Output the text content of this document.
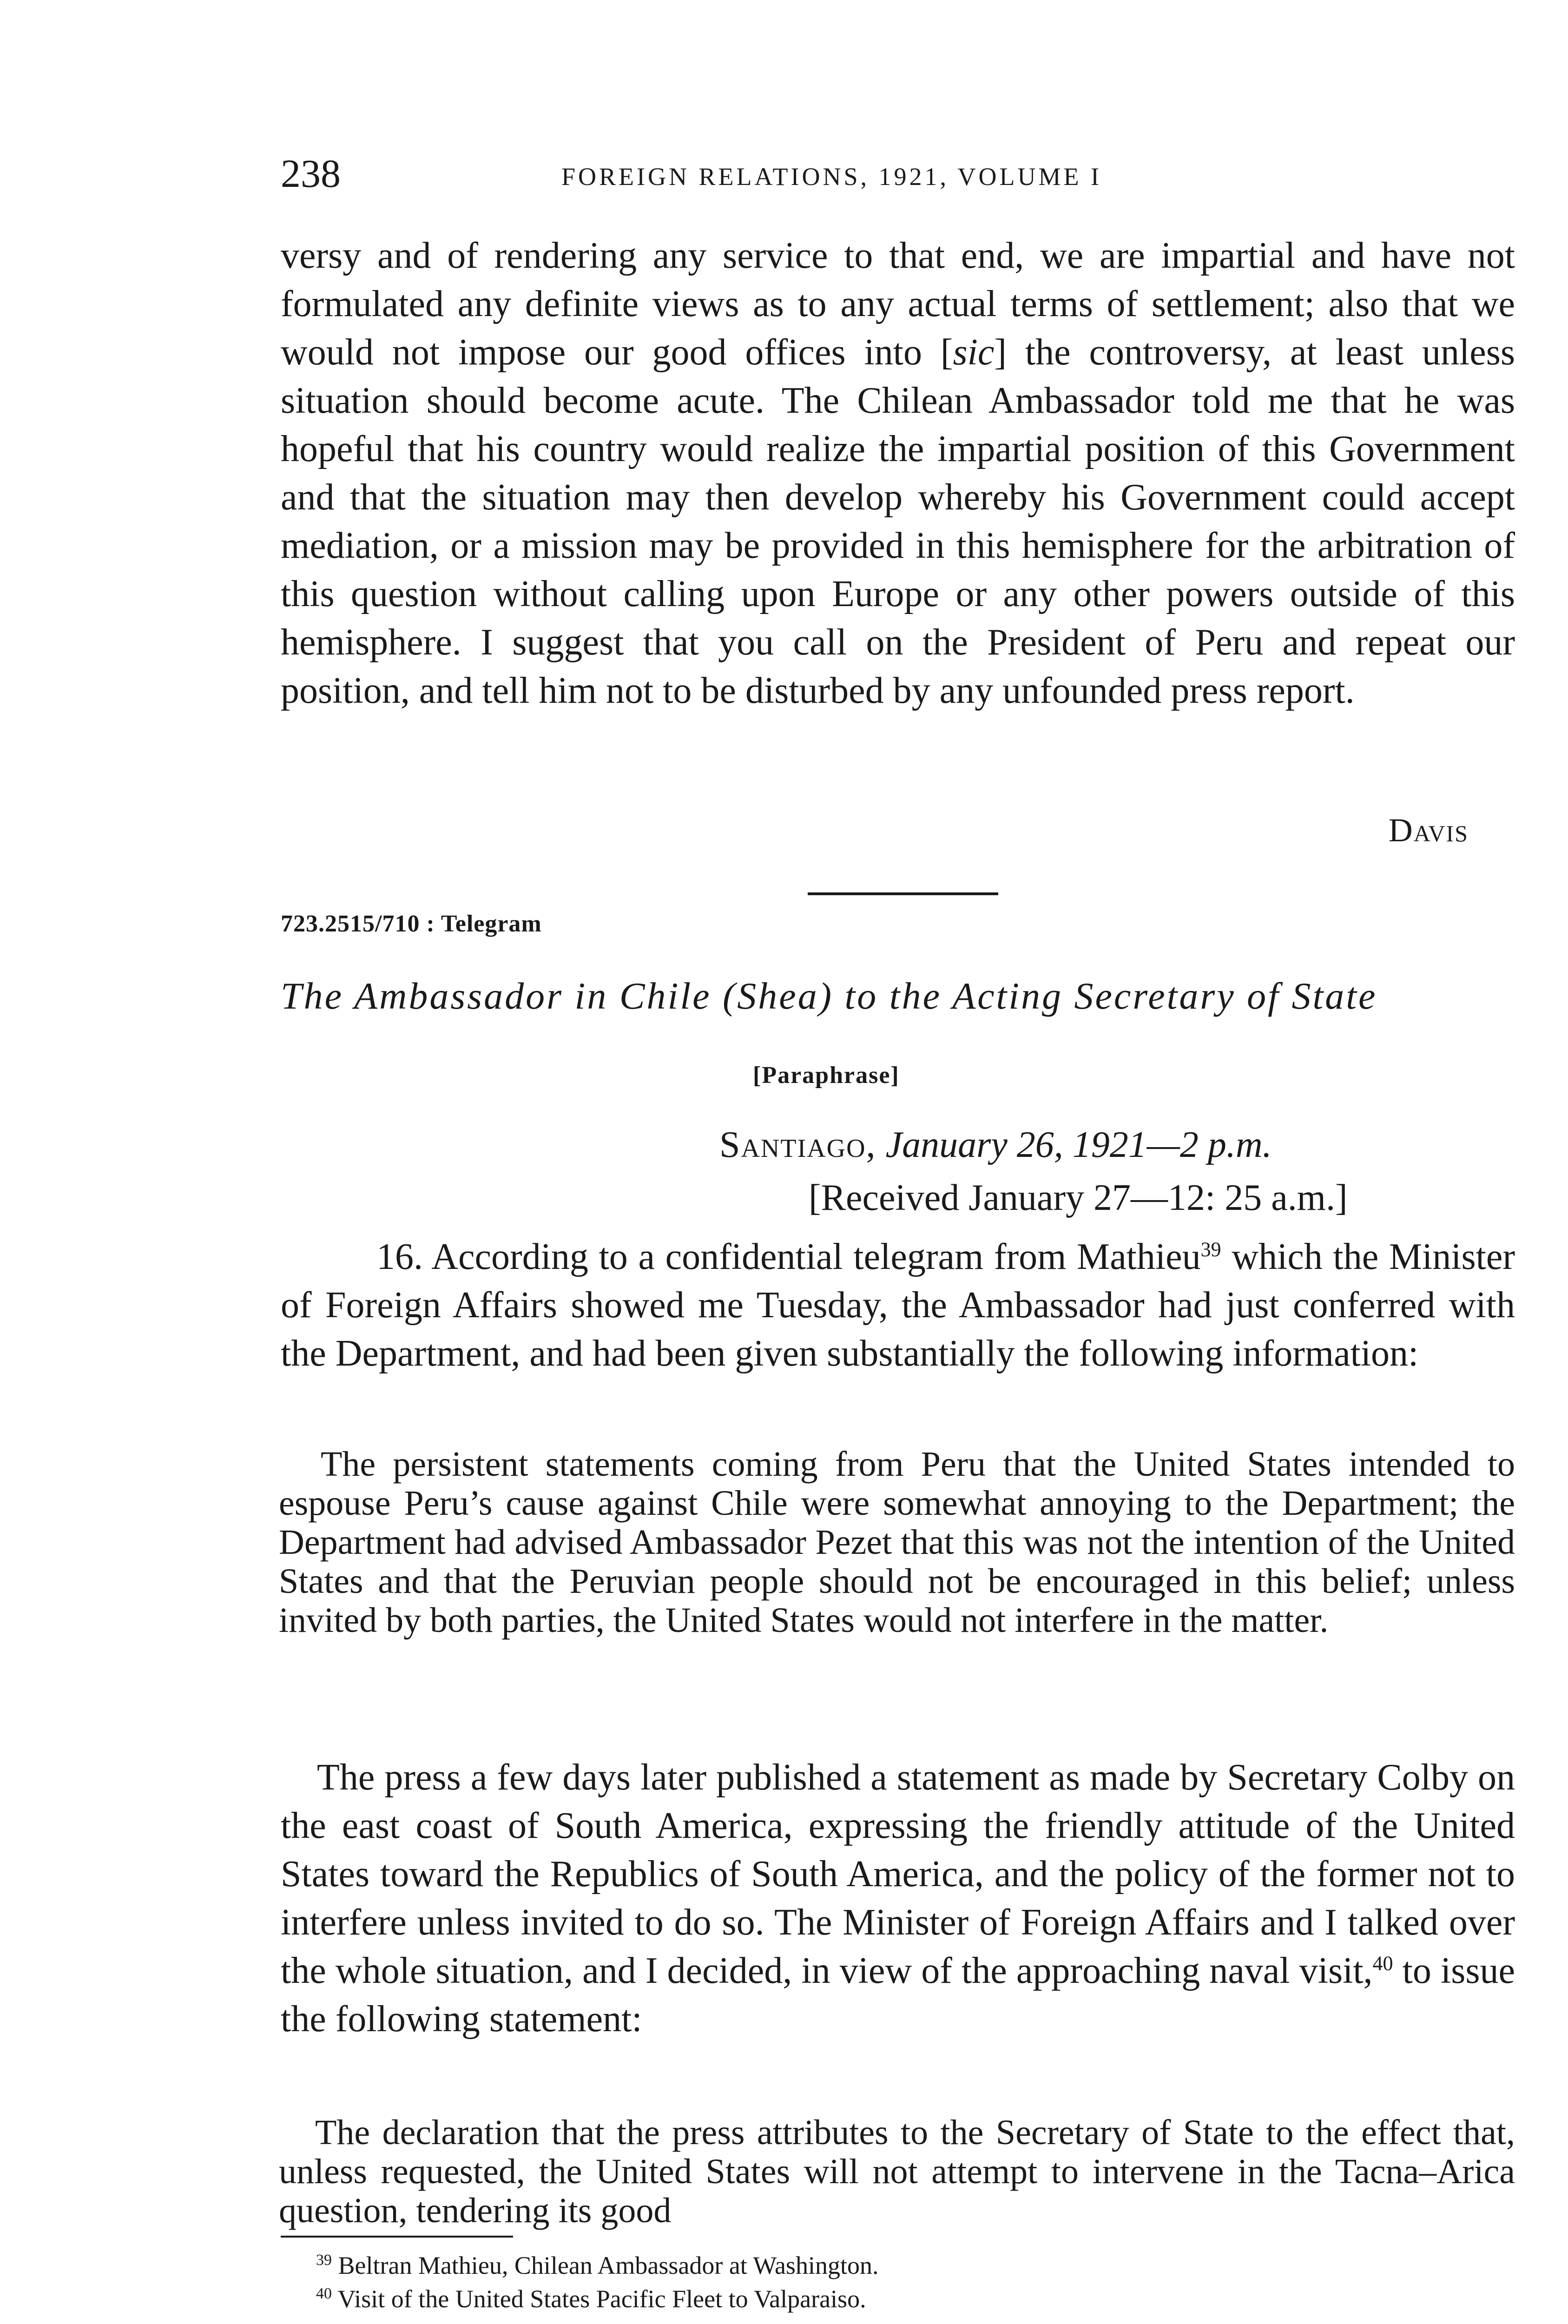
238	FOREIGN RELATIONS, 1921, VOLUME I
versy and of rendering any service to that end, we are impartial and have not formulated any definite views as to any actual terms of settlement; also that we would not impose our good offices into [sic] the controversy, at least unless situation should become acute. The Chilean Ambassador told me that he was hopeful that his country would realize the impartial position of this Government and that the situation may then develop whereby his Government could accept mediation, or a mission may be provided in this hemisphere for the arbitration of this question without calling upon Europe or any other powers outside of this hemisphere. I suggest that you call on the President of Peru and repeat our position, and tell him not to be disturbed by any unfounded press report.
Davis
723.2515/710 : Telegram
The Ambassador in Chile (Shea) to the Acting Secretary of State
[Paraphrase]
Santiago, January 26, 1921—2 p.m.
[Received January 27—12: 25 a.m.]
16. According to a confidential telegram from Mathieu$^{39}$ which the Minister of Foreign Affairs showed me Tuesday, the Ambassador had just conferred with the Department, and had been given substantially the following information:
The persistent statements coming from Peru that the United States intended to espouse Peru’s cause against Chile were somewhat annoying to the Department; the Department had advised Ambassador Pezet that this was not the intention of the United States and that the Peruvian people should not be encouraged in this belief; unless invited by both parties, the United States would not interfere in the matter.
The press a few days later published a statement as made by Secretary Colby on the east coast of South America, expressing the friendly attitude of the United States toward the Republics of South America, and the policy of the former not to interfere unless invited to do so. The Minister of Foreign Affairs and I talked over the whole situation, and I decided, in view of the approaching naval visit,$^{40}$ to issue the following statement:
The declaration that the press attributes to the Secretary of State to the effect that, unless requested, the United States will not attempt to intervene in the Tacna–Arica question, tendering its good
$^{39}$ Beltran Mathieu, Chilean Ambassador at Washington.
$^{40}$ Visit of the United States Pacific Fleet to Valparaiso.
